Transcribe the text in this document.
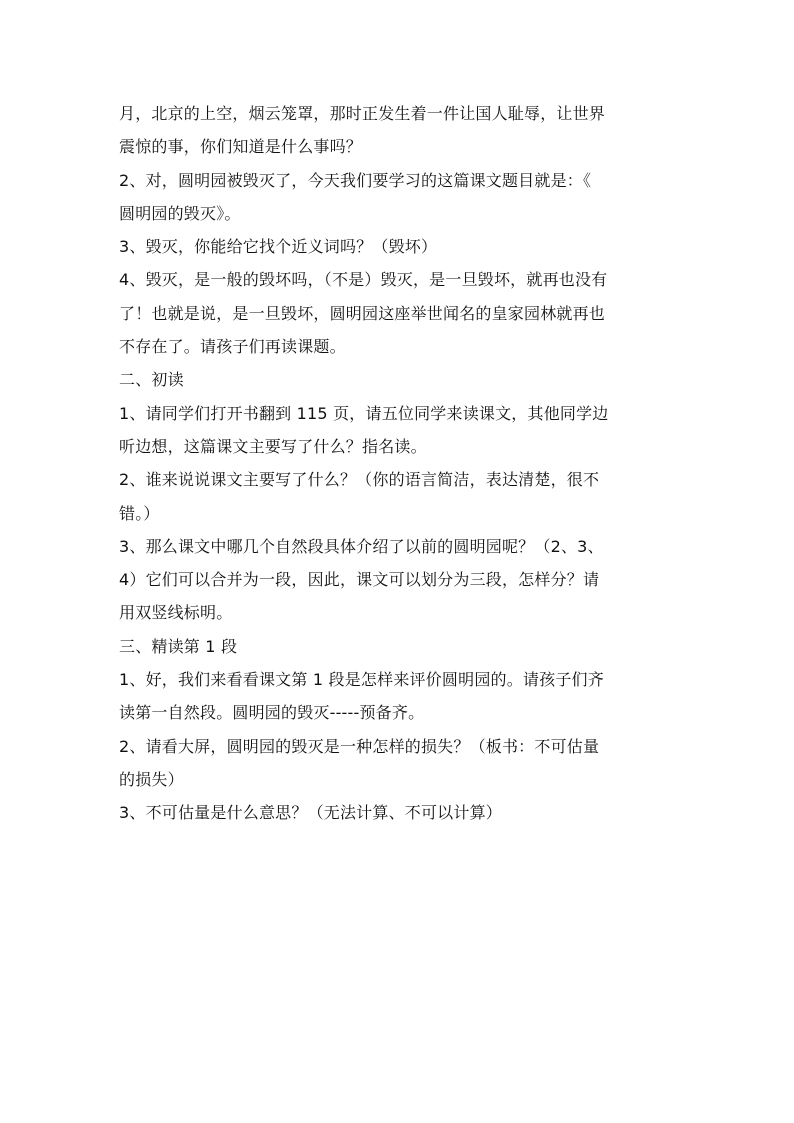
月，北京的上空，烟云笼罩，那时正发生着一件让国人耻辱，让世界
震惊的事，你们知道是什么事吗？
2、对，圆明园被毁灭了，今天我们要学习的这篇课文题目就是：《
圆明园的毁灭》。
3、毁灭，你能给它找个近义词吗？（毁坏）
4、毁灭，是一般的毁坏吗，（不是）毁灭，是一旦毁坏，就再也没有
了！也就是说，是一旦毁坏，圆明园这座举世闻名的皇家园林就再也
不存在了。请孩子们再读课题。
二、初读
1、请同学们打开书翻到 115 页，请五位同学来读课文，其他同学边
听边想，这篇课文主要写了什么？指名读。
2、谁来说说课文主要写了什么？（你的语言简洁，表达清楚，很不
错。）
3、那么课文中哪几个自然段具体介绍了以前的圆明园呢？（2、3、
4）它们可以合并为一段，因此，课文可以划分为三段，怎样分？请
用双竖线标明。
三、精读第 1 段
1、好，我们来看看课文第 1 段是怎样来评价圆明园的。请孩子们齐
读第一自然段。圆明园的毁灭-----预备齐。
2、请看大屏，圆明园的毁灭是一种怎样的损失？（板书：不可估量
的损失）
3、不可估量是什么意思？（无法计算、不可以计算）
